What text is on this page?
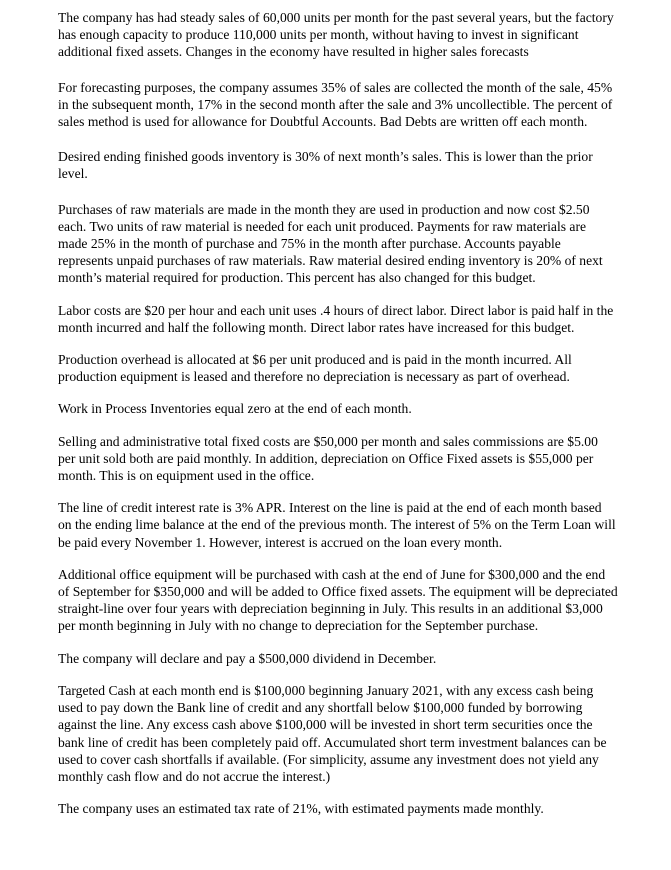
The company has had steady sales of 60,000 units per month for the past several years, but the factory has enough capacity to produce 110,000 units per month, without having to invest in significant additional fixed assets. Changes in the economy have resulted in higher sales forecasts

For forecasting purposes, the company assumes 35% of sales are collected the month of the sale, 45% in the subsequent month, 17% in the second month after the sale and 3% uncollectible. The percent of sales method is used for allowance for Doubtful Accounts. Bad Debts are written off each month.

Desired ending finished goods inventory is 30% of next month’s sales. This is lower than the prior level.

Purchases of raw materials are made in the month they are used in production and now cost $2.50 each. Two units of raw material is needed for each unit produced. Payments for raw materials are made 25% in the month of purchase and 75% in the month after purchase. Accounts payable represents unpaid purchases of raw materials. Raw material desired ending inventory is 20% of next month’s material required for production. This percent has also changed for this budget.

Labor costs are $20 per hour and each unit uses .4 hours of direct labor. Direct labor is paid half in the month incurred and half the following month. Direct labor rates have increased for this budget.

Production overhead is allocated at $6 per unit produced and is paid in the month incurred. All production equipment is leased and therefore no depreciation is necessary as part of overhead.

Work in Process Inventories equal zero at the end of each month.

Selling and administrative total fixed costs are $50,000 per month and sales commissions are $5.00 per unit sold both are paid monthly. In addition, depreciation on Office Fixed assets is $55,000 per month. This is on equipment used in the office.

The line of credit interest rate is 3% APR. Interest on the line is paid at the end of each month based on the ending lime balance at the end of the previous month. The interest of 5% on the Term Loan will be paid every November 1. However, interest is accrued on the loan every month.

Additional office equipment will be purchased with cash at the end of June for $300,000 and the end of September for $350,000 and will be added to Office fixed assets. The equipment will be depreciated straight-line over four years with depreciation beginning in July. This results in an additional $3,000 per month beginning in July with no change to depreciation for the September purchase.

The company will declare and pay a $500,000 dividend in December.

Targeted Cash at each month end is $100,000 beginning January 2021, with any excess cash being used to pay down the Bank line of credit and any shortfall below $100,000 funded by borrowing against the line. Any excess cash above $100,000 will be invested in short term securities once the bank line of credit has been completely paid off. Accumulated short term investment balances can be used to cover cash shortfalls if available. (For simplicity, assume any investment does not yield any monthly cash flow and do not accrue the interest.)

The company uses an estimated tax rate of 21%, with estimated payments made monthly.
